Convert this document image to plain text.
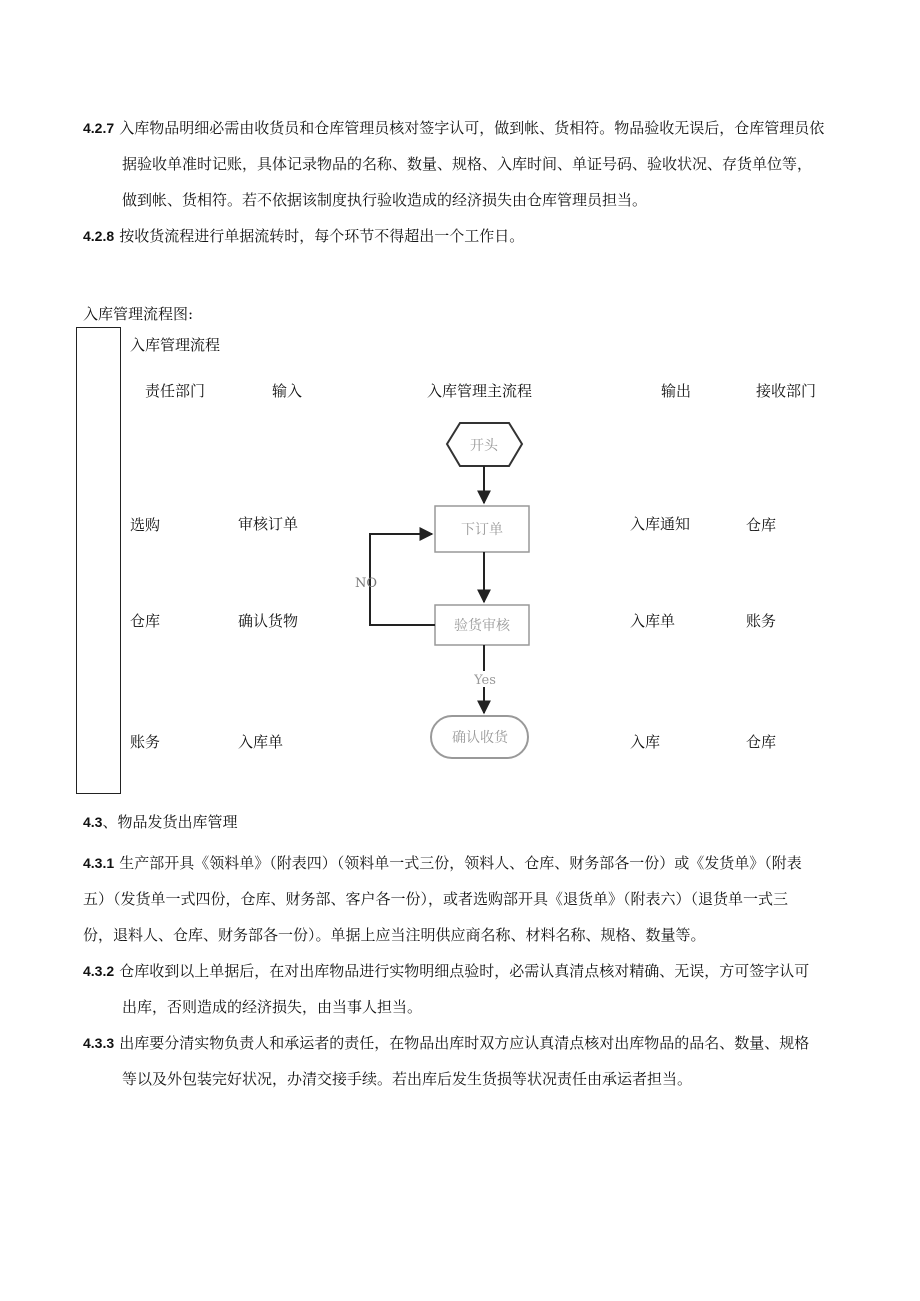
4.2.7 入库物品明细必需由收货员和仓库管理员核对签字认可，做到帐、货相符。物品验收无误后，仓库管理员依
据验收单准时记账，具体记录物品的名称、数量、规格、入库时间、单证号码、验收状况、存货单位等，
做到帐、货相符。若不依据该制度执行验收造成的经济损失由仓库管理员担当。
4.2.8 按收货流程进行单据流转时，每个环节不得超出一个工作日。
入库管理流程图:
入库管理流程
责任部门	输入	入库管理主流程	输出	接收部门
选购	审核订单	入库通知	仓库
仓库	确认货物	入库单	账务
账务	入库单	入库	仓库
开头
下订单
验货审核
NO
Yes
确认收货
4.3、物品发货出库管理
4.3.1 生产部开具《领料单》（附表四）（领料单一式三份，领料人、仓库、财务部各一份）或《发货单》（附表
五）（发货单一式四份，仓库、财务部、客户各一份），或者选购部开具《退货单》（附表六）（退货单一式三
份，退料人、仓库、财务部各一份）。单据上应当注明供应商名称、材料名称、规格、数量等。
4.3.2 仓库收到以上单据后，在对出库物品进行实物明细点验时，必需认真清点核对精确、无误，方可签字认可
出库，否则造成的经济损失，由当事人担当。
4.3.3 出库要分清实物负责人和承运者的责任，在物品出库时双方应认真清点核对出库物品的品名、数量、规格
等以及外包装完好状况，办清交接手续。若出库后发生货损等状况责任由承运者担当。
